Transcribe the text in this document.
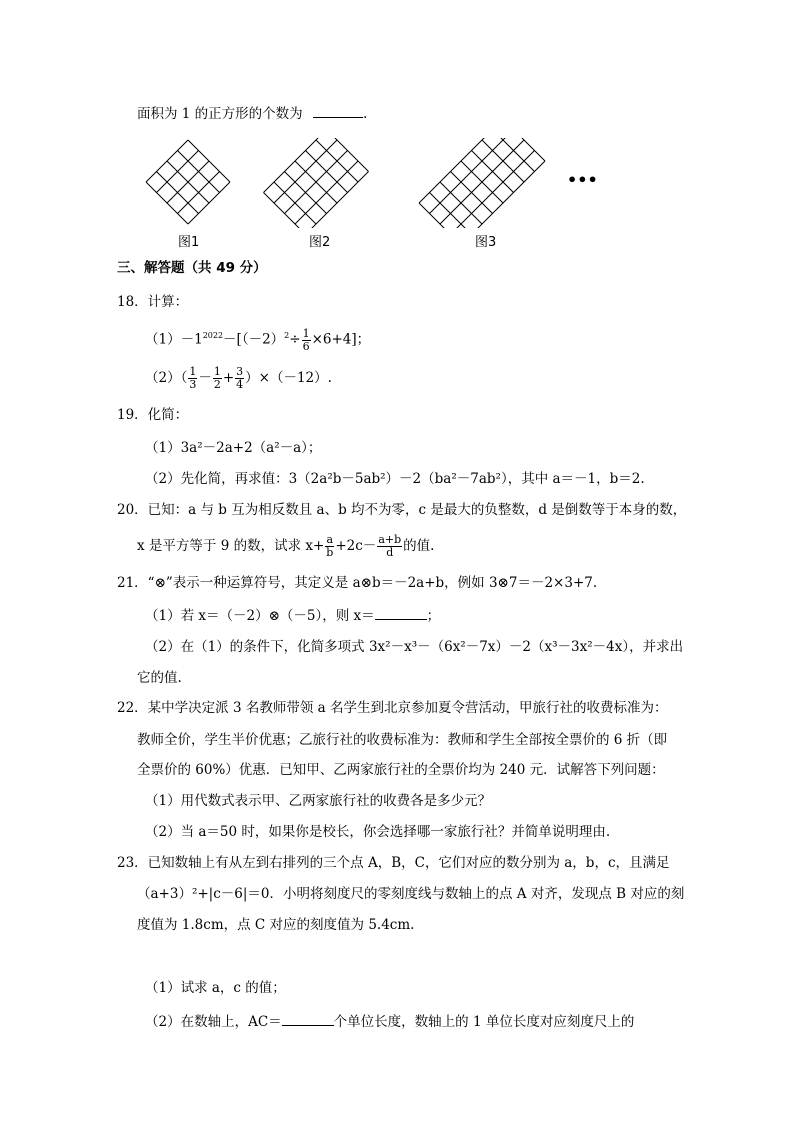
面积为 1 的正方形的个数为	.
•••
图1	图2	图3
三、解答题（共 49 分）
18．计算：
$(1)-1^{2022}-[(-2)^2\div \frac{1}{6} \times 6+4]$；
$(2)( \frac{1}{3} - \frac{1}{2} + \frac{3}{4} )\times(-12)$.
19．化简：
（1）3a²－2a+2（a²－a）；
（2）先化简，再求值：3（2a²b－5ab²）－2（ba²－7ab²），其中 a＝－1，b＝2.
20．已知：a 与 b 互为相反数且 a、b 均不为零，c 是最大的负整数，d 是倒数等于本身的数，
x 是平方等于 9 的数，试求 $x+ \frac{a}{b} +2c- \frac{a+b}{d}$ 的值.
21．“⊗”表示一种运算符号，其定义是 a⊗b＝－2a+b，例如 3⊗7＝－2×3+7.
（1）若 x＝（－2）⊗（－5），则 x＝	；
（2）在（1）的条件下，化简多项式 3x²－x³－（6x²－7x）－2（x³－3x²－4x），并求出
它的值.
22．某中学决定派 3 名教师带领 a 名学生到北京参加夏令营活动，甲旅行社的收费标准为：
教师全价，学生半价优惠；乙旅行社的收费标准为：教师和学生全部按全票价的 6 折（即
全票价的 60%）优惠．已知甲、乙两家旅行社的全票价均为 240 元．试解答下列问题：
（1）用代数式表示甲、乙两家旅行社的收费各是多少元？
（2）当 a＝50 时，如果你是校长，你会选择哪一家旅行社？并简单说明理由.
23．已知数轴上有从左到右排列的三个点 A，B，C，它们对应的数分别为 a，b，c，且满足
（a+3）²+|c－6|＝0．小明将刻度尺的零刻度线与数轴上的点 A 对齐，发现点 B 对应的刻
度值为 1.8cm，点 C 对应的刻度值为 5.4cm.
（1）试求 a，c 的值；
（2）在数轴上，AC＝	个单位长度，数轴上的 1 单位长度对应刻度尺上的
